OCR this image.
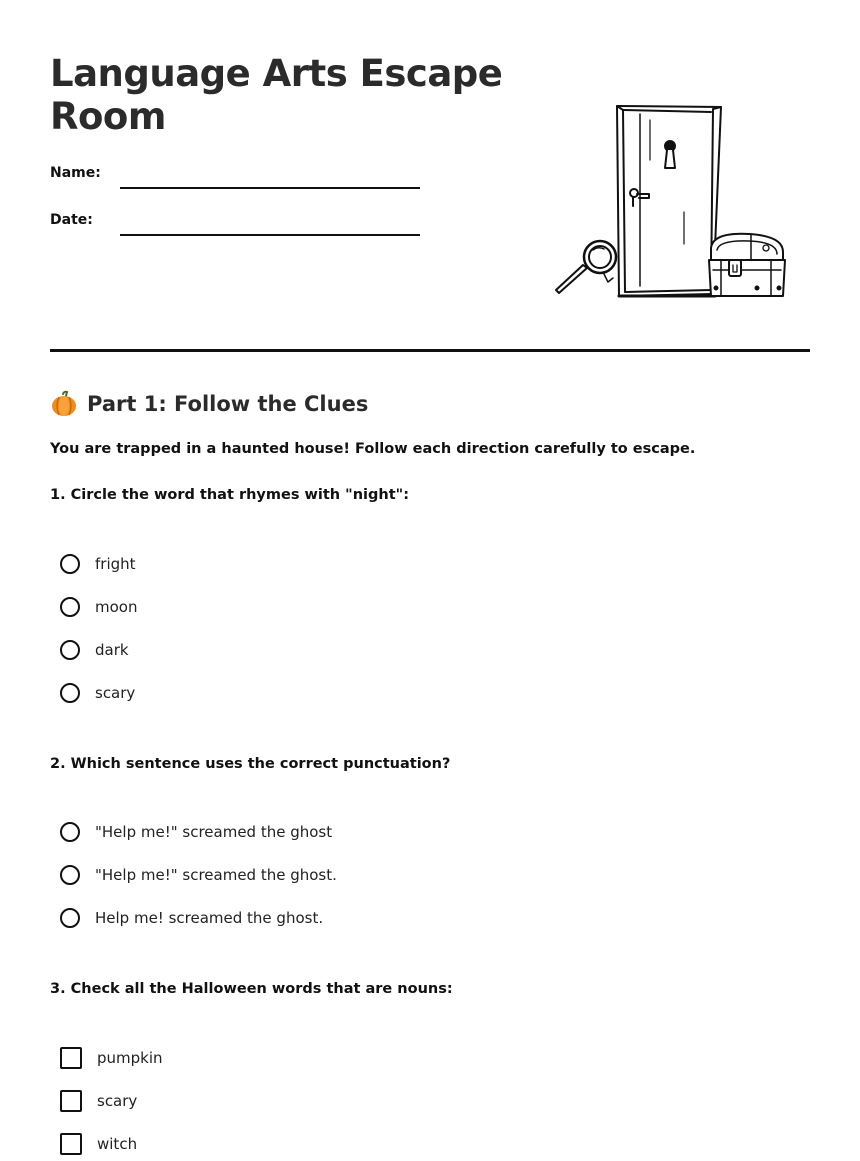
Language Arts Escape Room
Name:
Date:
Part 1: Follow the Clues
You are trapped in a haunted house! Follow each direction carefully to escape.
1. Circle the word that rhymes with "night":
fright
moon
dark
scary
2. Which sentence uses the correct punctuation?
"Help me!" screamed the ghost
"Help me!" screamed the ghost.
Help me! screamed the ghost.
3. Check all the Halloween words that are nouns:
pumpkin
scary
witch
